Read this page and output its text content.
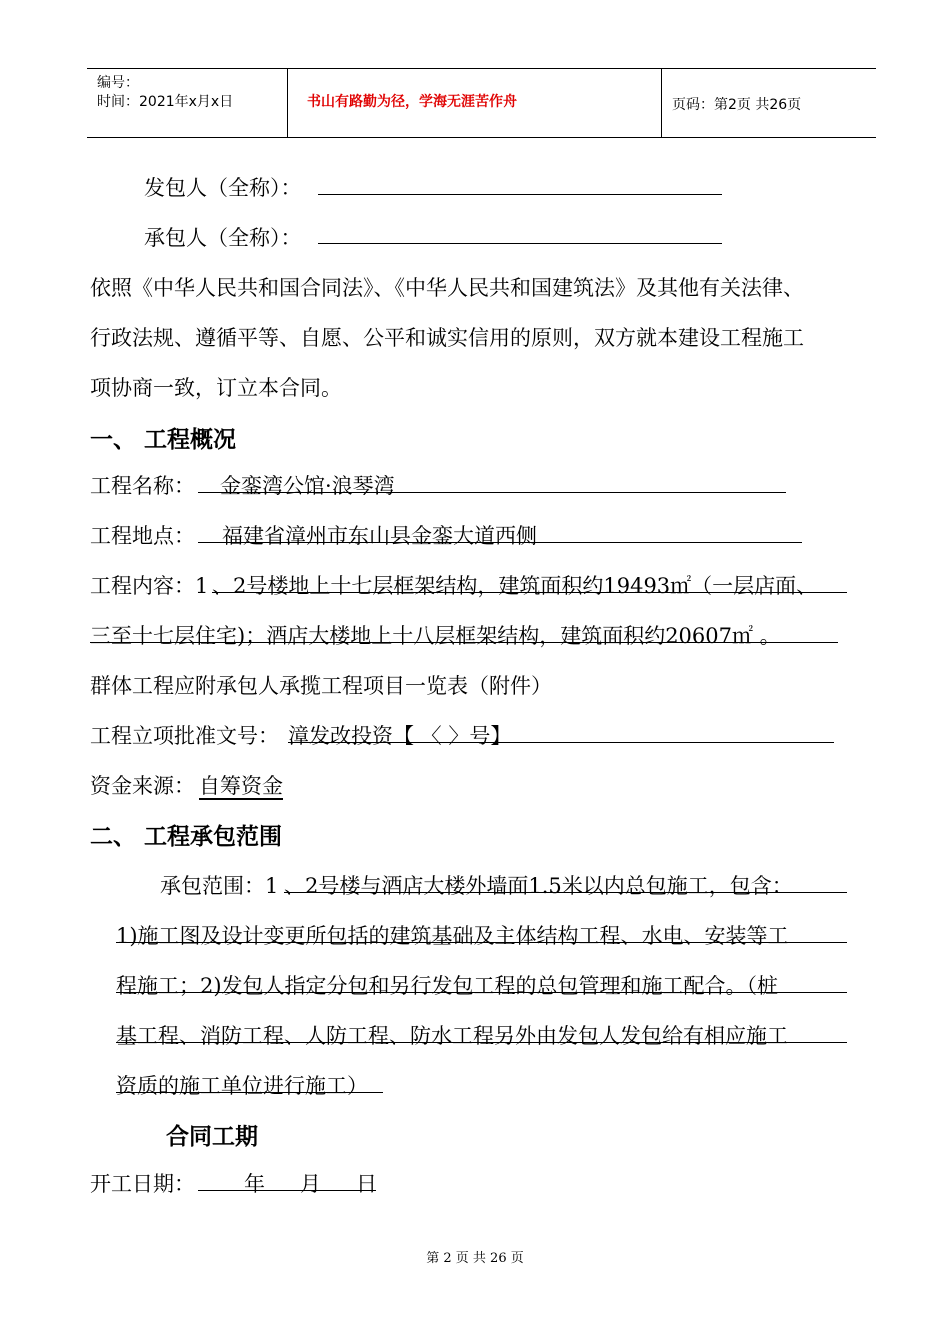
编号：
时间：2021年x月x日	书山有路勤为径，学海无涯苦作舟	页码：第2页 共26页
发包人（全称）：
承包人（全称）：
依照《中华人民共和国合同法》、《中华人民共和国建筑法》及其他有关法律、
行政法规、遵循平等、自愿、公平和诚实信用的原则，双方就本建设工程施工
项协商一致，订立本合同。
一、 工程概况
工程名称： 金銮湾公馆·浪琴湾
工程地点： 福建省漳州市东山县金銮大道西侧
工程内容：1 、2号楼地上十七层框架结构，建筑面积约19493㎡（一层店面、
三至十七层住宅)；酒店大楼地上十八层框架结构，建筑面积约20607㎡ 。
群体工程应附承包人承揽工程项目一览表（附件）
工程立项批准文号： 漳发改投资【 〈 〉号】
资金来源： 自筹资金
二、 工程承包范围
承包范围：1 、2号楼与酒店大楼外墙面1.5米以内总包施工，包含：
1)施工图及设计变更所包括的建筑基础及主体结构工程、水电、安装等工
程施工；2)发包人指定分包和另行发包工程的总包管理和施工配合。（桩
基工程、消防工程、人防工程、防水工程另外由发包人发包给有相应施工
资质的施工单位进行施工）
合同工期
开工日期： 年 月 日
第 2 页 共 26 页
